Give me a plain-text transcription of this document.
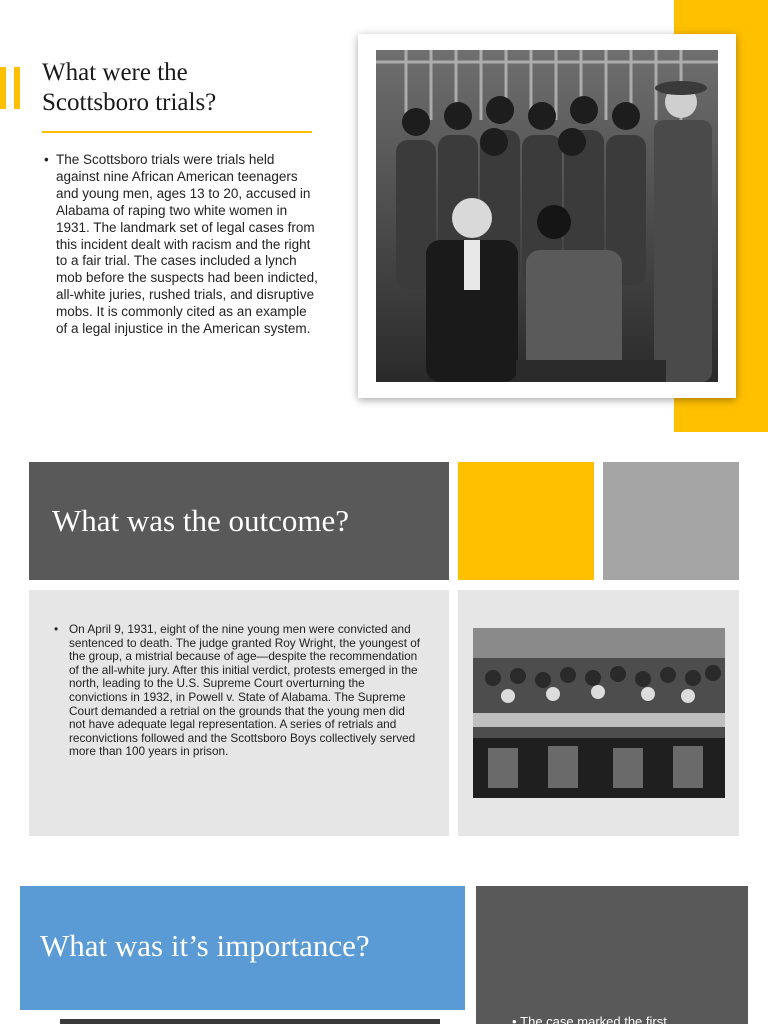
What were the
Scottsboro trials?
• The Scottsboro trials were trials held against nine African American teenagers and young men, ages 13 to 20, accused in Alabama of raping two white women in 1931. The landmark set of legal cases from this incident dealt with racism and the right to a fair trial. The cases included a lynch mob before the suspects had been indicted, all-white juries, rushed trials, and disruptive mobs. It is commonly cited as an example of a legal injustice in the American system.
What was the outcome?
• On April 9, 1931, eight of the nine young men were convicted and sentenced to death. The judge granted Roy Wright, the youngest of the group, a mistrial because of age—despite the recommendation of the all-white jury. After this initial verdict, protests emerged in the north, leading to the U.S. Supreme Court overturning the convictions in 1932, in Powell v. State of Alabama. The Supreme Court demanded a retrial on the grounds that the young men did not have adequate legal representation. A series of retrials and reconvictions followed and the Scottsboro Boys collectively served more than 100 years in prison.
What was it’s importance?
• The case marked the first
